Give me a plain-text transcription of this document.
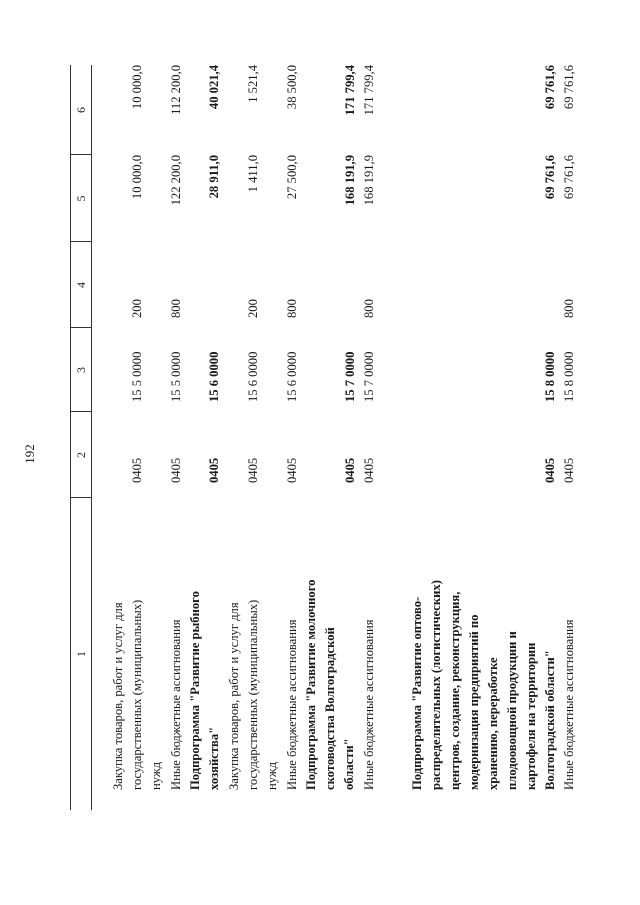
192
1
2
3
4
5
6
Закупка товаров, работ и услуг для
государственных (муниципальных)
нужд
0405
15 5 0000
200
10 000,0
10 000,0
Иные бюджетные ассигнования
0405
15 5 0000
800
122 200,0
112 200,0
Подпрограмма "Развитие рыбного
хозяйства"
0405
15 6 0000
28 911,0
40 021,4
Закупка товаров, работ и услуг для
государственных (муниципальных)
нужд
0405
15 6 0000
200
1 411,0
1 521,4
Иные бюджетные ассигнования
0405
15 6 0000
800
27 500,0
38 500,0
Подпрограмма "Развитие молочного
скотоводства Волгоградской
области"
0405
15 7 0000
168 191,9
171 799,4
Иные бюджетные ассигнования
0405
15 7 0000
800
168 191,9
171 799,4
Подпрограмма "Развитие оптово-
распределительных (логистических)
центров, создание, реконструкция,
модернизация предприятий по
хранению, переработке
плодоовощной продукции и
картофеля на территории
Волгоградской области"
0405
15 8 0000
69 761,6
69 761,6
Иные бюджетные ассигнования
0405
15 8 0000
800
69 761,6
69 761,6
